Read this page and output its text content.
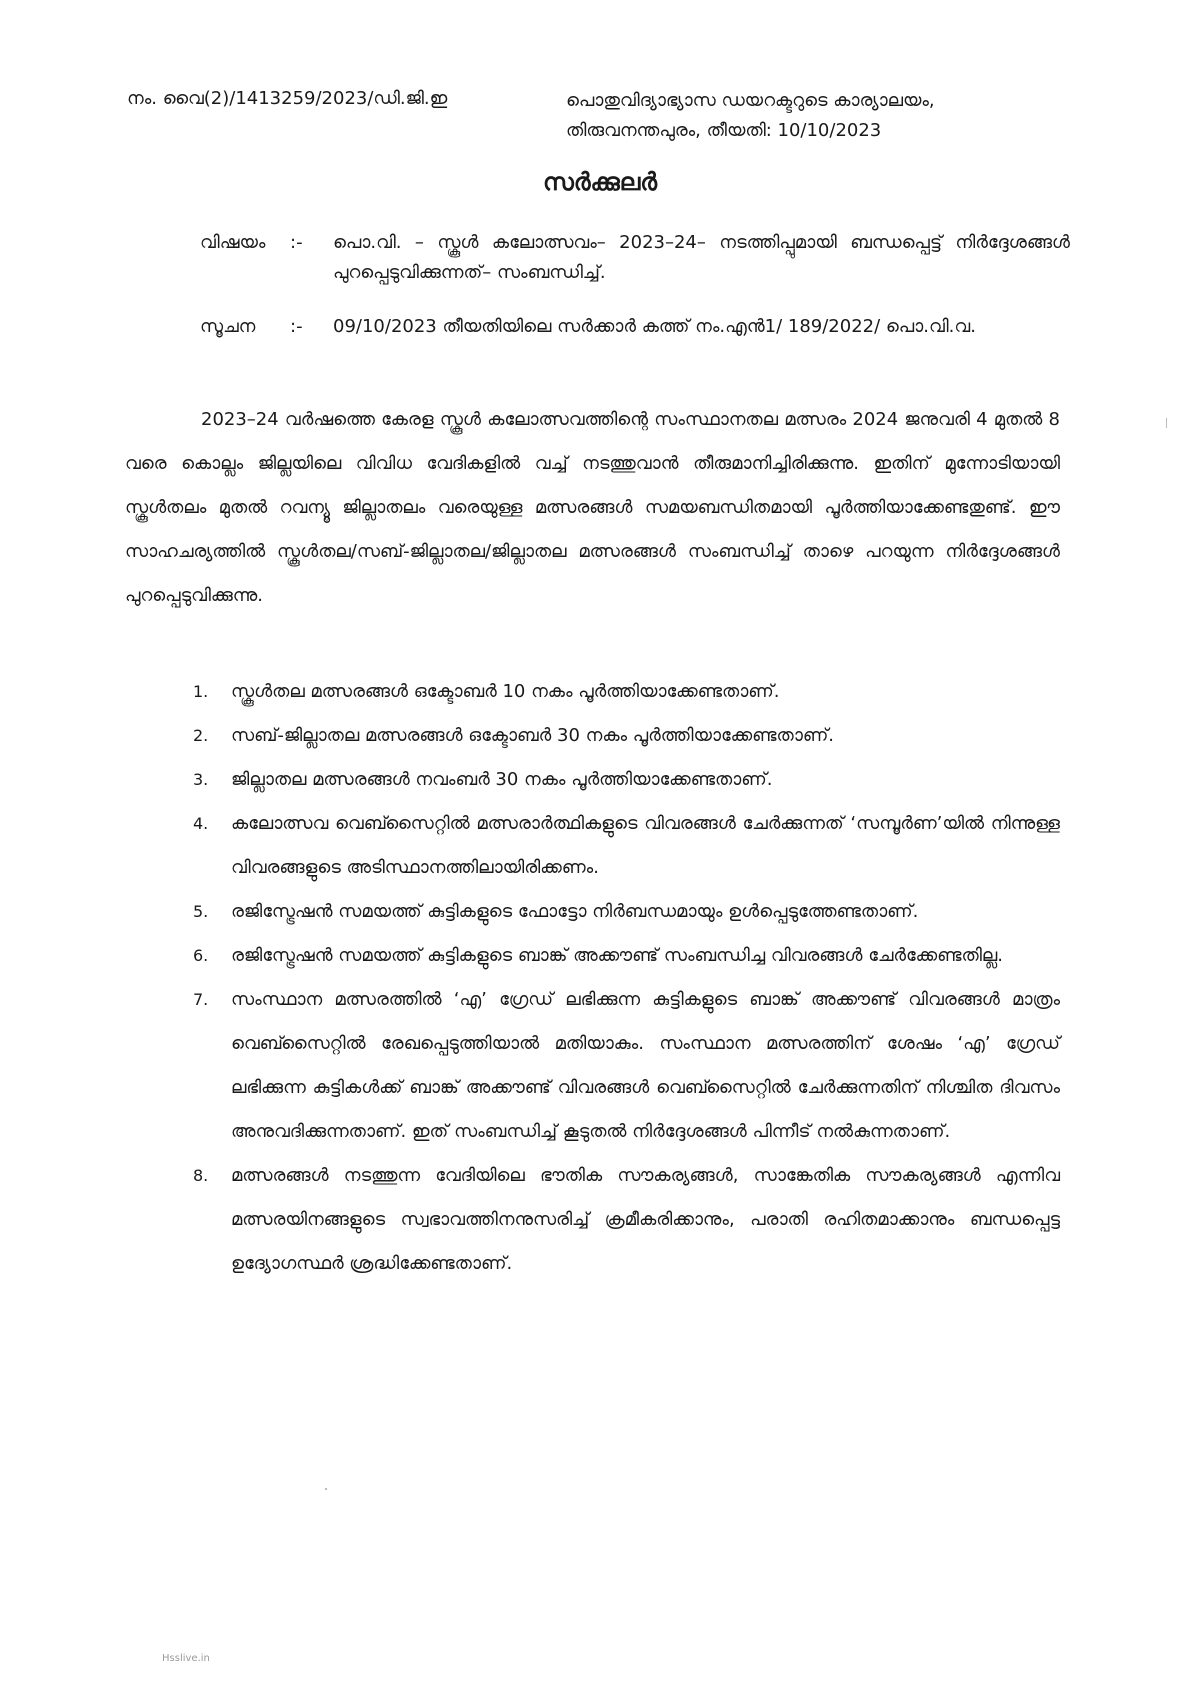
നം. വൈ(2)/1413259/2023/ഡി.ജി.ഇ	പൊതുവിദ്യാഭ്യാസ ഡയറക്ടറുടെ കാര്യാലയം,
തിരുവനന്തപുരം, തീയതി: 10/10/2023
സർക്കുലർ
വിഷയം :- പൊ.വി. – സ്കൂൾ കലോത്സവം– 2023–24– നടത്തിപ്പുമായി ബന്ധപ്പെട്ട് നിർദ്ദേശങ്ങൾ പുറപ്പെടുവിക്കുന്നത്– സംബന്ധിച്ച്.
സൂചന :- 09/10/2023 തീയതിയിലെ സർക്കാർ കത്ത് നം.എൻ1/ 189/2022/ പൊ.വി.വ.
2023–24 വർഷത്തെ കേരള സ്കൂൾ കലോത്സവത്തിന്റെ സംസ്ഥാനതല മത്സരം 2024 ജനുവരി 4 മുതൽ 8 വരെ കൊല്ലം ജില്ലയിലെ വിവിധ വേദികളിൽ വച്ച് നടത്തുവാൻ തീരുമാനിച്ചിരിക്കുന്നു. ഇതിന് മുന്നോടിയായി സ്കൂൾതലം മുതൽ റവന്യൂ ജില്ലാതലം വരെയുള്ള മത്സരങ്ങൾ സമയബന്ധിതമായി പൂർത്തിയാക്കേണ്ടതുണ്ട്. ഈ സാഹചര്യത്തിൽ സ്കൂൾതല/സബ്-ജില്ലാതല/ജില്ലാതല മത്സരങ്ങൾ സംബന്ധിച്ച് താഴെ പറയുന്ന നിർദ്ദേശങ്ങൾ പുറപ്പെടുവിക്കുന്നു.
1. സ്കൂൾതല മത്സരങ്ങൾ ഒക്ടോബർ 10 നകം പൂർത്തിയാക്കേണ്ടതാണ്.
2. സബ്-ജില്ലാതല മത്സരങ്ങൾ ഒക്ടോബർ 30 നകം പൂർത്തിയാക്കേണ്ടതാണ്.
3. ജില്ലാതല മത്സരങ്ങൾ നവംബർ 30 നകം പൂർത്തിയാക്കേണ്ടതാണ്.
4. കലോത്സവ വെബ്സൈറ്റിൽ മത്സരാർത്ഥികളുടെ വിവരങ്ങൾ ചേർക്കുന്നത് ‘സമ്പൂർണ’യിൽ നിന്നുള്ള വിവരങ്ങളുടെ അടിസ്ഥാനത്തിലായിരിക്കണം.
5. രജിസ്ട്രേഷൻ സമയത്ത് കുട്ടികളുടെ ഫോട്ടോ നിർബന്ധമായും ഉൾപ്പെടുത്തേണ്ടതാണ്.
6. രജിസ്ട്രേഷൻ സമയത്ത് കുട്ടികളുടെ ബാങ്ക് അക്കൗണ്ട് സംബന്ധിച്ച വിവരങ്ങൾ ചേർക്കേണ്ടതില്ല.
7. സംസ്ഥാന മത്സരത്തിൽ ‘എ’ ഗ്രേഡ് ലഭിക്കുന്ന കുട്ടികളുടെ ബാങ്ക് അക്കൗണ്ട് വിവരങ്ങൾ മാത്രം വെബ്സൈറ്റിൽ രേഖപ്പെടുത്തിയാൽ മതിയാകും. സംസ്ഥാന മത്സരത്തിന് ശേഷം ‘എ’ ഗ്രേഡ് ലഭിക്കുന്ന കുട്ടികൾക്ക് ബാങ്ക് അക്കൗണ്ട് വിവരങ്ങൾ വെബ്സൈറ്റിൽ ചേർക്കുന്നതിന് നിശ്ചിത ദിവസം അനുവദിക്കുന്നതാണ്. ഇത് സംബന്ധിച്ച് കൂടുതൽ നിർദ്ദേശങ്ങൾ പിന്നീട് നൽകുന്നതാണ്.
8. മത്സരങ്ങൾ നടത്തുന്ന വേദിയിലെ ഭൗതിക സൗകര്യങ്ങൾ, സാങ്കേതിക സൗകര്യങ്ങൾ എന്നിവ മത്സരയിനങ്ങളുടെ സ്വഭാവത്തിനനുസരിച്ച് ക്രമീകരിക്കാനും, പരാതി രഹിതമാക്കാനും ബന്ധപ്പെട്ട ഉദ്യോഗസ്ഥർ ശ്രദ്ധിക്കേണ്ടതാണ്.
Hsslive.in
